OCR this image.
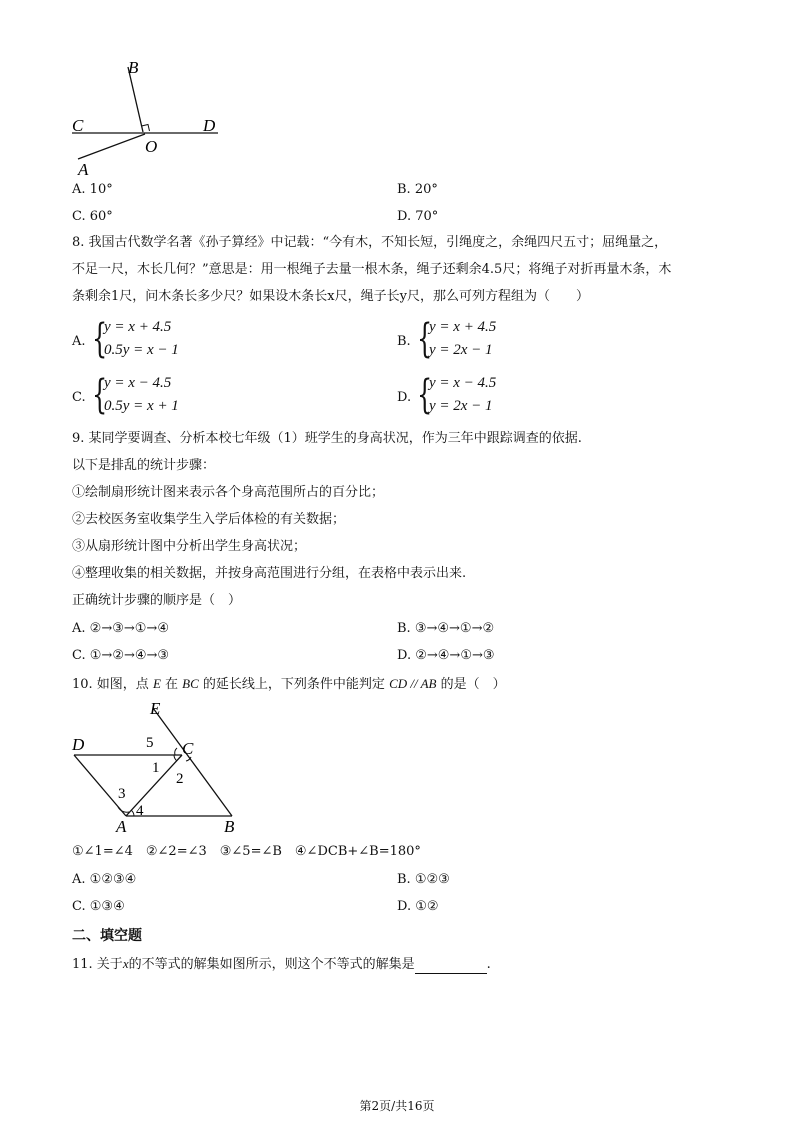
B
C	D
O
A
A. 10°	B. 20°
C. 60°	D. 70°
8. 我国古代数学名著《孙子算经》中记载：“今有木，不知长短，引绳度之，余绳四尺五寸；屈绳量之，
不足一尺，木长几何？”意思是：用一根绳子去量一根木条，绳子还剩余4.5尺；将绳子对折再量木条，木
条剩余1尺，问木条长多少尺？如果设木条长x尺，绳子长y尺，那么可列方程组为（　　）
A. {
y = x + 4.5
0.5y = x − 1
B. {
y = x + 4.5
y = 2x − 1
C. {
y = x − 4.5
0.5y = x + 1
D. {
y = x − 4.5
y = 2x − 1
9. 某同学要调查、分析本校七年级（1）班学生的身高状况，作为三年中跟踪调查的依据.
以下是排乱的统计步骤：
①绘制扇形统计图来表示各个身高范围所占的百分比；
②去校医务室收集学生入学后体检的有关数据；
③从扇形统计图中分析出学生身高状况；
④整理收集的相关数据，并按身高范围进行分组，在表格中表示出来.
正确统计步骤的顺序是（　）
A. ②→③→①→④	B. ③→④→①→②
C. ①→②→④→③	D. ②→④→①→③
10. 如图，点 E 在 BC 的延长线上，下列条件中能判定 CD // AB 的是（　）
E
D	C
A	B
5
1
2
3
4
①∠1=∠4　②∠2=∠3　③∠5=∠B　④∠DCB+∠B=180°
A. ①②③④	B. ①②③
C. ①③④	D. ①②
二、填空题
11. 关于x的不等式的解集如图所示，则这个不等式的解集是	.
第2页/共16页
